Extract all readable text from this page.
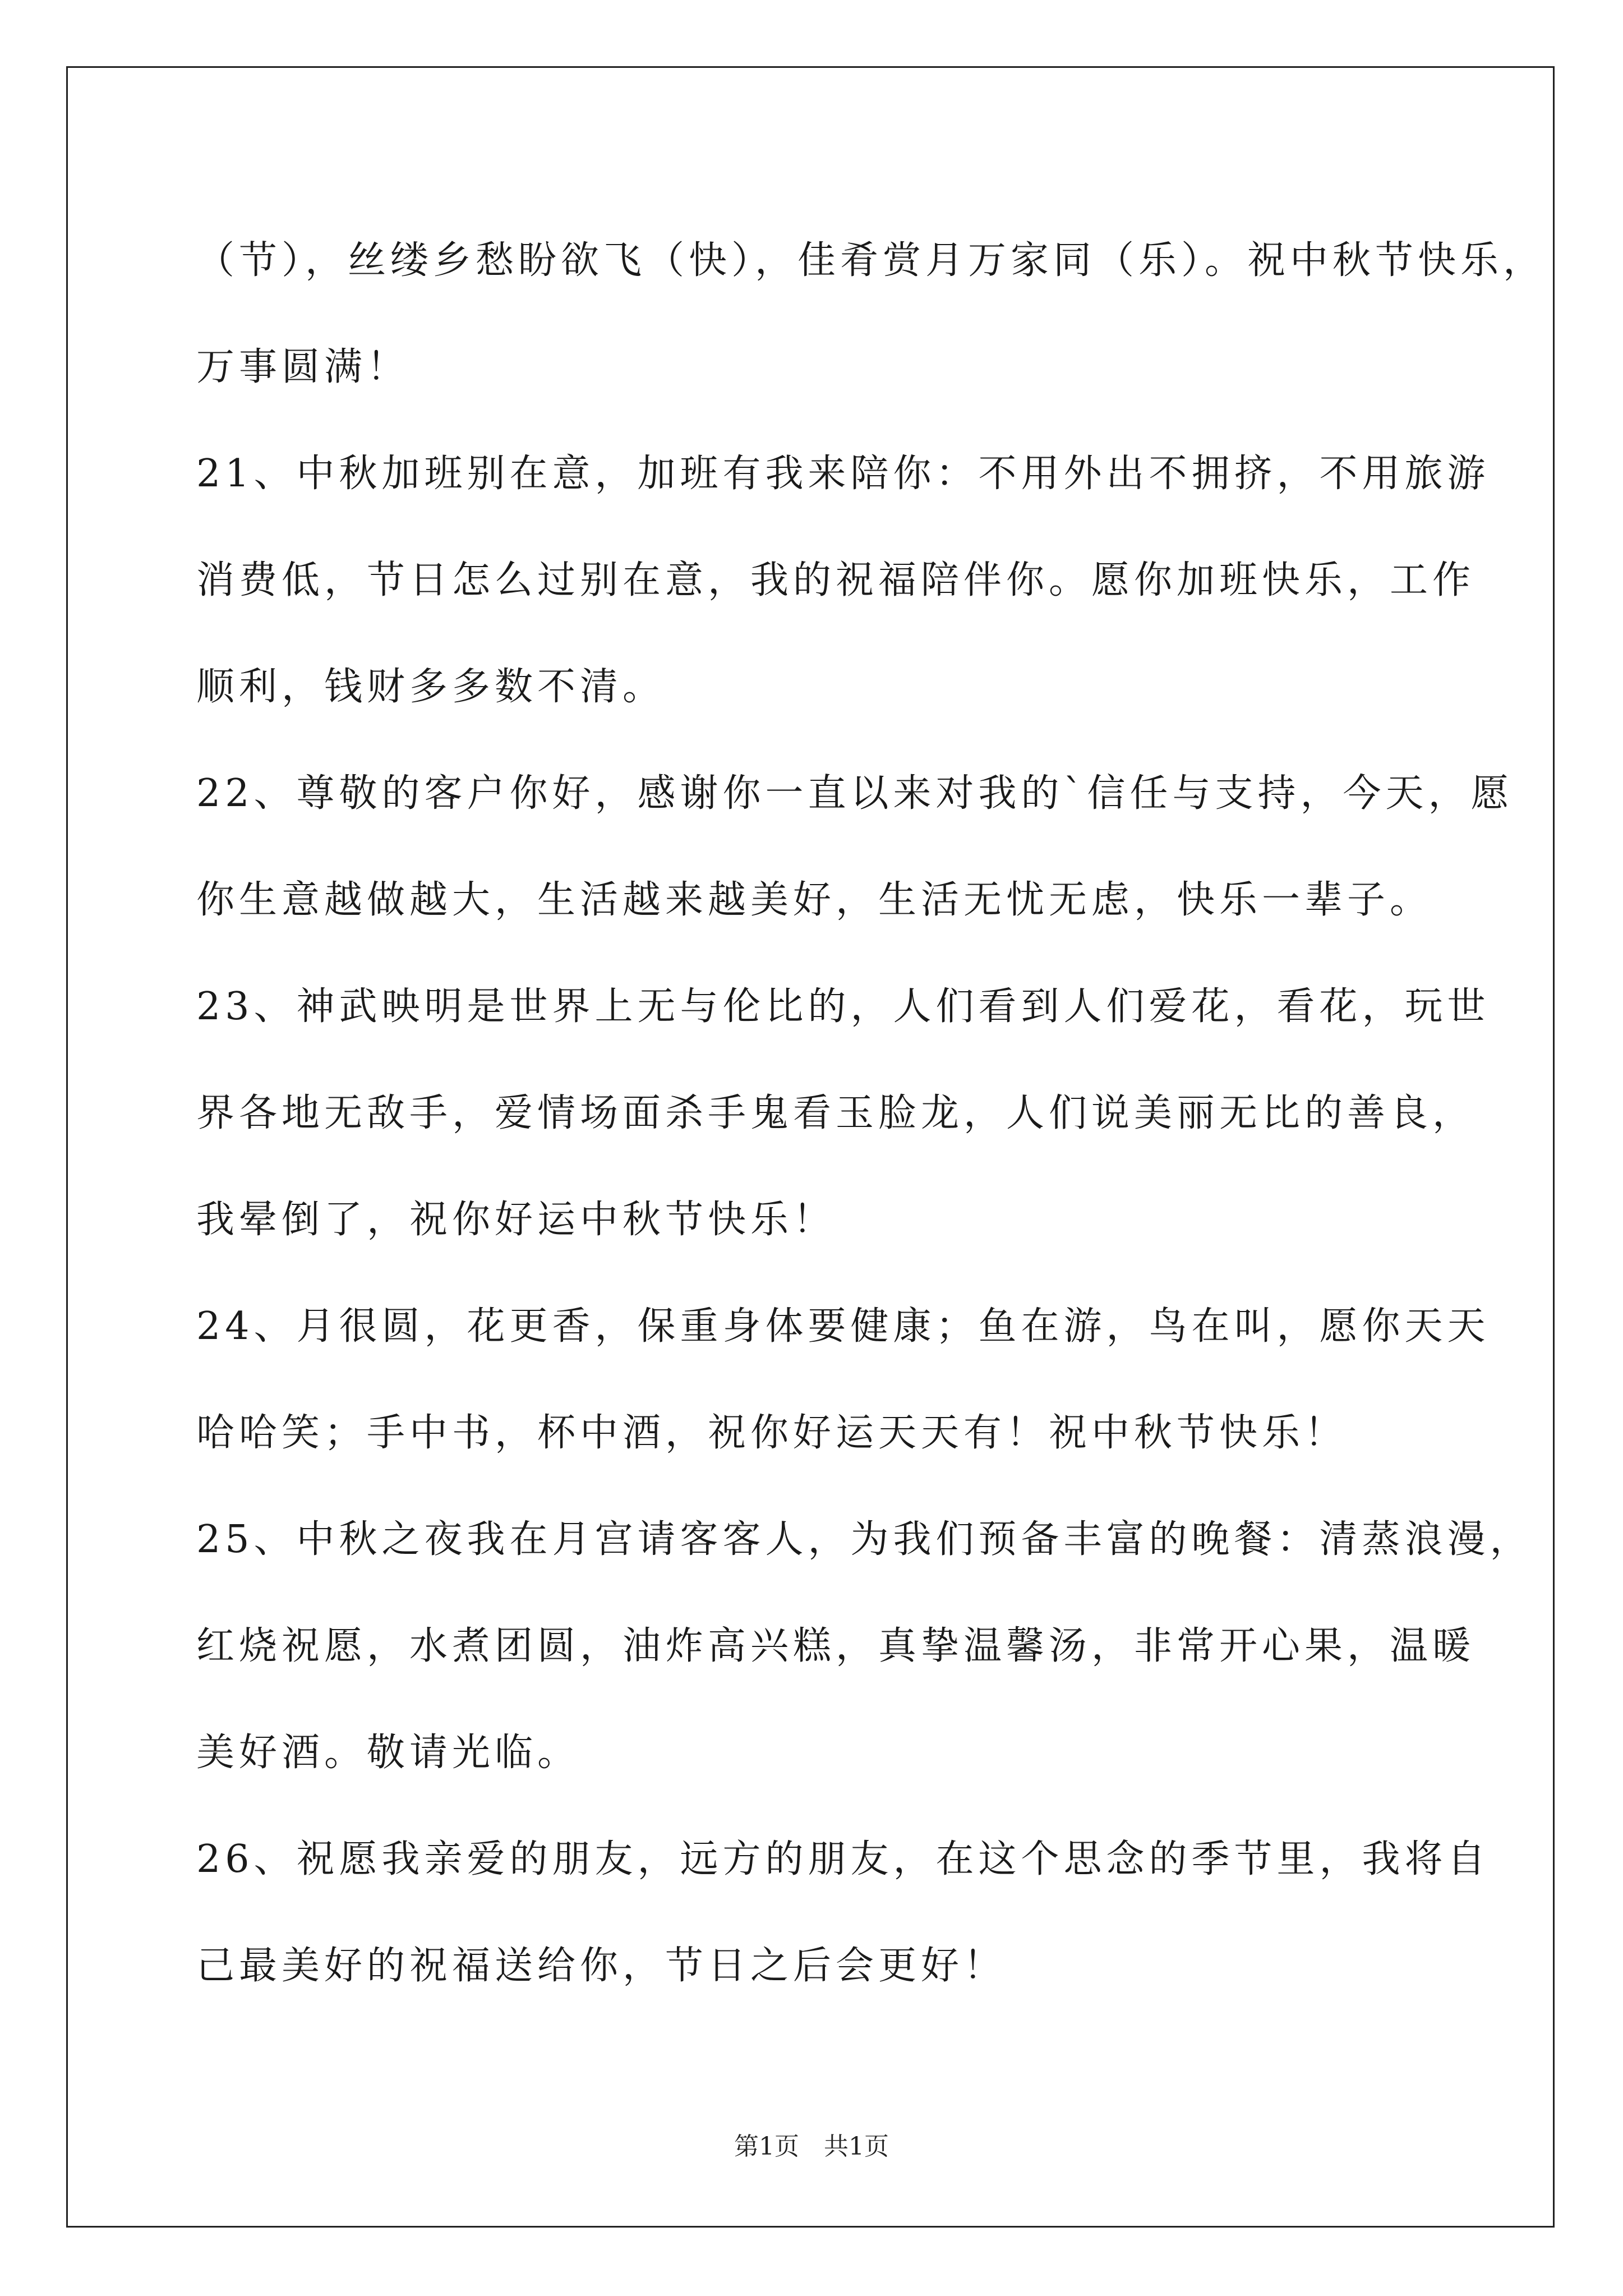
（节），丝缕乡愁盼欲飞（快），佳肴赏月万家同（乐）。祝中秋节快乐，
万事圆满！
21、中秋加班别在意，加班有我来陪你：不用外出不拥挤，不用旅游
消费低，节日怎么过别在意，我的祝福陪伴你。愿你加班快乐，工作
顺利，钱财多多数不清。
22、尊敬的客户你好，感谢你一直以来对我的`信任与支持，今天，愿
你生意越做越大，生活越来越美好，生活无忧无虑，快乐一辈子。
23、神武映明是世界上无与伦比的，人们看到人们爱花，看花，玩世
界各地无敌手，爱情场面杀手鬼看玉脸龙，人们说美丽无比的善良，
我晕倒了，祝你好运中秋节快乐！
24、月很圆，花更香，保重身体要健康；鱼在游，鸟在叫，愿你天天
哈哈笑；手中书，杯中酒，祝你好运天天有！祝中秋节快乐！
25、中秋之夜我在月宫请客客人，为我们预备丰富的晚餐：清蒸浪漫，
红烧祝愿，水煮团圆，油炸高兴糕，真挚温馨汤，非常开心果，温暖
美好酒。敬请光临。
26、祝愿我亲爱的朋友，远方的朋友，在这个思念的季节里，我将自
己最美好的祝福送给你，节日之后会更好！
第1页　共1页
